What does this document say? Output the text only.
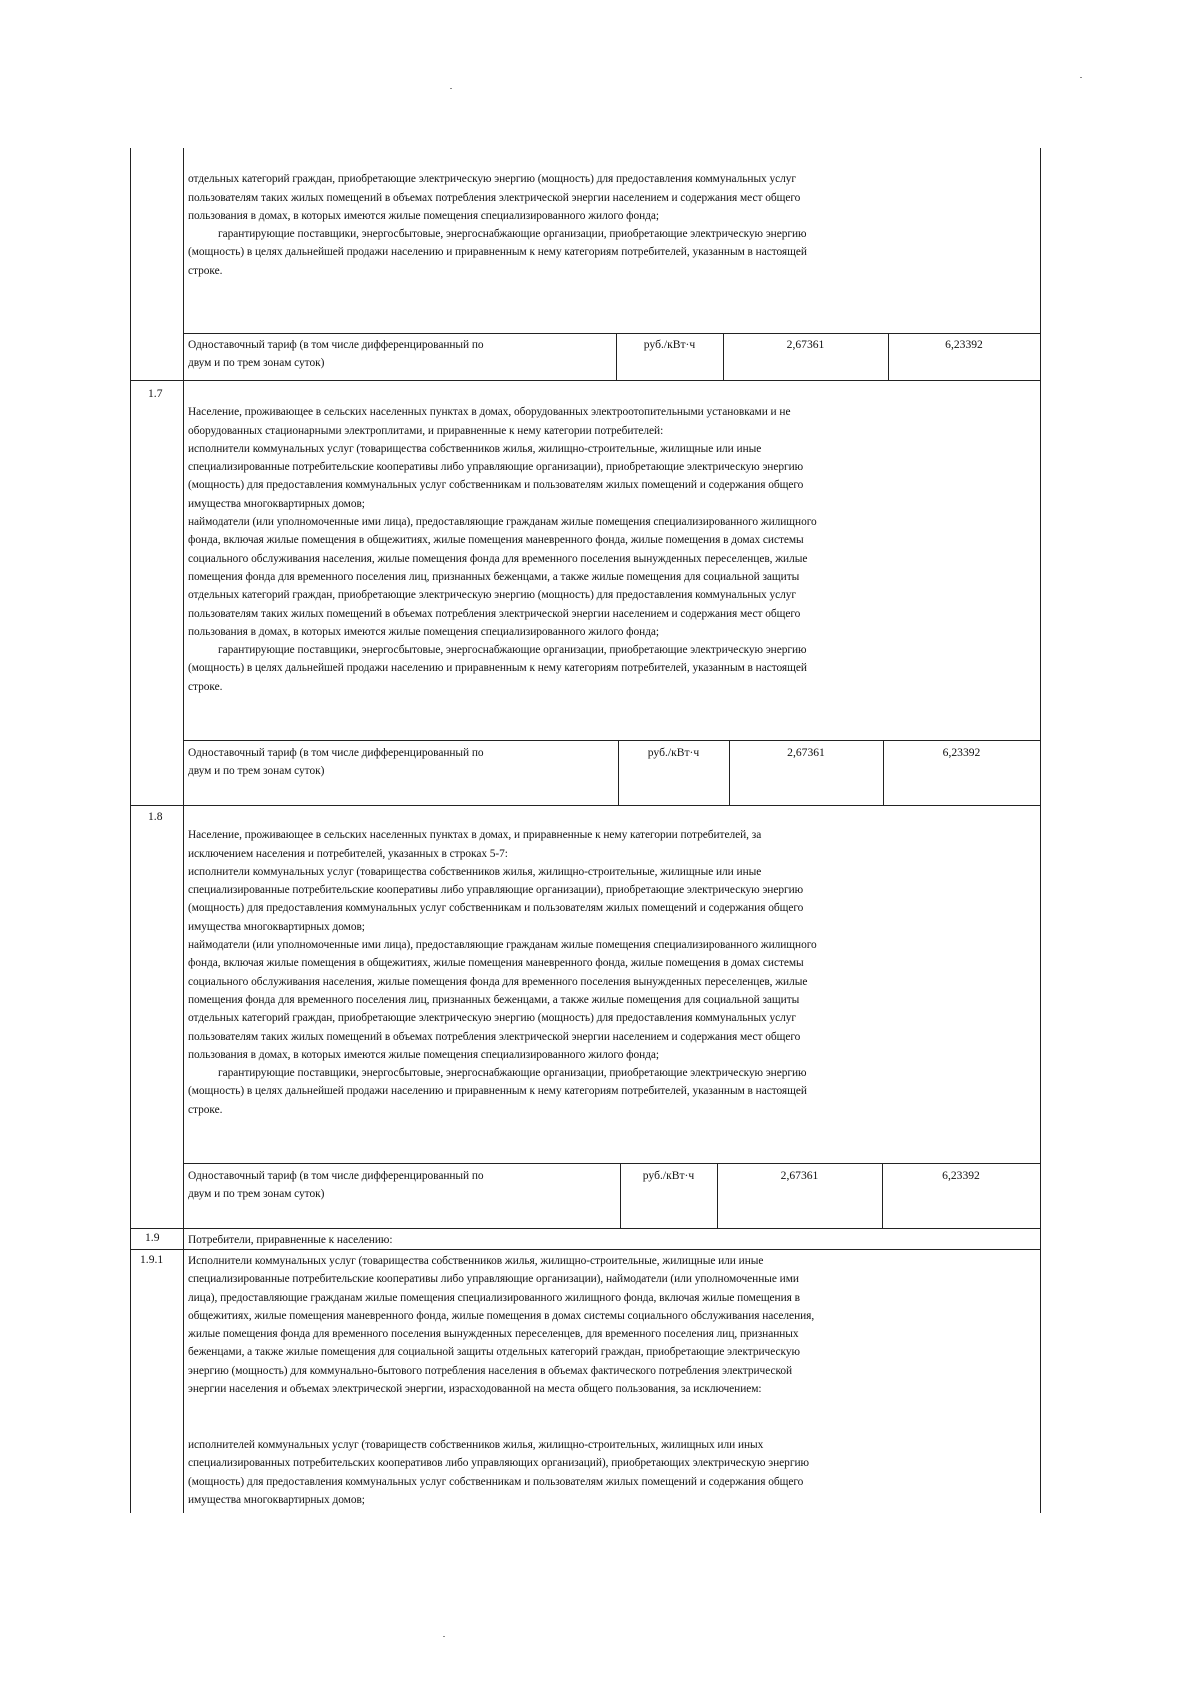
отдельных категорий граждан, приобретающие электрическую энергию (мощность) для предоставления коммунальных услуг
пользователям таких жилых помещений в объемах потребления электрической энергии населением и содержания мест общего
пользования в домах, в которых имеются жилые помещения специализированного жилого фонда;

гарантирующие поставщики, энергосбытовые, энергоснабжающие организации, приобретающие электрическую энергию
(мощность) в целях дальнейшей продажи населению и приравненным к нему категориям потребителей, указанным в настоящей
строке.

Одноставочный тариф (в том числе дифференцированный по
двум и по трем зонам суток)
руб./кВт·ч	2,67361	6,23392
1.7

Население, проживающее в сельских населенных пунктах в домах, оборудованных электроотопительными установками и не
оборудованных стационарными электроплитами, и приравненные к нему категории потребителей:
исполнители коммунальных услуг (товарищества собственников жилья, жилищно-строительные, жилищные или иные
специализированные потребительские кооперативы либо управляющие организации), приобретающие электрическую энергию
(мощность) для предоставления коммунальных услуг собственникам и пользователям жилых помещений и содержания общего
имущества многоквартирных домов;
наймодатели (или уполномоченные ими лица), предоставляющие гражданам жилые помещения специализированного жилищного
фонда, включая жилые помещения в общежитиях, жилые помещения маневренного фонда, жилые помещения в домах системы
социального обслуживания населения, жилые помещения фонда для временного поселения вынужденных переселенцев, жилые
помещения фонда для временного поселения лиц, признанных беженцами, а также жилые помещения для социальной защиты
отдельных категорий граждан, приобретающие электрическую энергию (мощность) для предоставления коммунальных услуг
пользователям таких жилых помещений в объемах потребления электрической энергии населением и содержания мест общего
пользования в домах, в которых имеются жилые помещения специализированного жилого фонда;

гарантирующие поставщики, энергосбытовые, энергоснабжающие организации, приобретающие электрическую энергию
(мощность) в целях дальнейшей продажи населению и приравненным к нему категориям потребителей, указанным в настоящей
строке.

Одноставочный тариф (в том числе дифференцированный по
двум и по трем зонам суток)
руб./кВт·ч	2,67361	6,23392
1.8

Население, проживающее в сельских населенных пунктах в домах, и приравненные к нему категории потребителей, за
исключением населения и потребителей, указанных в строках 5-7:
исполнители коммунальных услуг (товарищества собственников жилья, жилищно-строительные, жилищные или иные
специализированные потребительские кооперативы либо управляющие организации), приобретающие электрическую энергию
(мощность) для предоставления коммунальных услуг собственникам и пользователям жилых помещений и содержания общего
имущества многоквартирных домов;
наймодатели (или уполномоченные ими лица), предоставляющие гражданам жилые помещения специализированного жилищного
фонда, включая жилые помещения в общежитиях, жилые помещения маневренного фонда, жилые помещения в домах системы
социального обслуживания населения, жилые помещения фонда для временного поселения вынужденных переселенцев, жилые
помещения фонда для временного поселения лиц, признанных беженцами, а также жилые помещения для социальной защиты
отдельных категорий граждан, приобретающие электрическую энергию (мощность) для предоставления коммунальных услуг
пользователям таких жилых помещений в объемах потребления электрической энергии населением и содержания мест общего
пользования в домах, в которых имеются жилые помещения специализированного жилого фонда;

гарантирующие поставщики, энергосбытовые, энергоснабжающие организации, приобретающие электрическую энергию
(мощность) в целях дальнейшей продажи населению и приравненным к нему категориям потребителей, указанным в настоящей
строке.

Одноставочный тариф (в том числе дифференцированный по
двум и по трем зонам суток)
руб./кВт·ч	2,67361	6,23392
1.9	Потребители, приравненные к населению:
1.9.1 Исполнители коммунальных услуг (товарищества собственников жилья, жилищно-строительные, жилищные или иные
специализированные потребительские кооперативы либо управляющие организации), наймодатели (или уполномоченные ими
лица), предоставляющие гражданам жилые помещения специализированного жилищного фонда, включая жилые помещения в
общежитиях, жилые помещения маневренного фонда, жилые помещения в домах системы социального обслуживания населения,
жилые помещения фонда для временного поселения вынужденных переселенцев, для временного поселения лиц, признанных
беженцами, а также жилые помещения для социальной защиты отдельных категорий граждан, приобретающие электрическую
энергию (мощность) для коммунально-бытового потребления населения в объемах фактического потребления электрической
энергии населения и объемах электрической энергии, израсходованной на места общего пользования, за исключением:
исполнителей коммунальных услуг (товариществ собственников жилья, жилищно-строительных, жилищных или иных
специализированных потребительских кооперативов либо управляющих организаций), приобретающих электрическую энергию
(мощность) для предоставления коммунальных услуг собственникам и пользователям жилых помещений и содержания общего
имущества многоквартирных домов;
